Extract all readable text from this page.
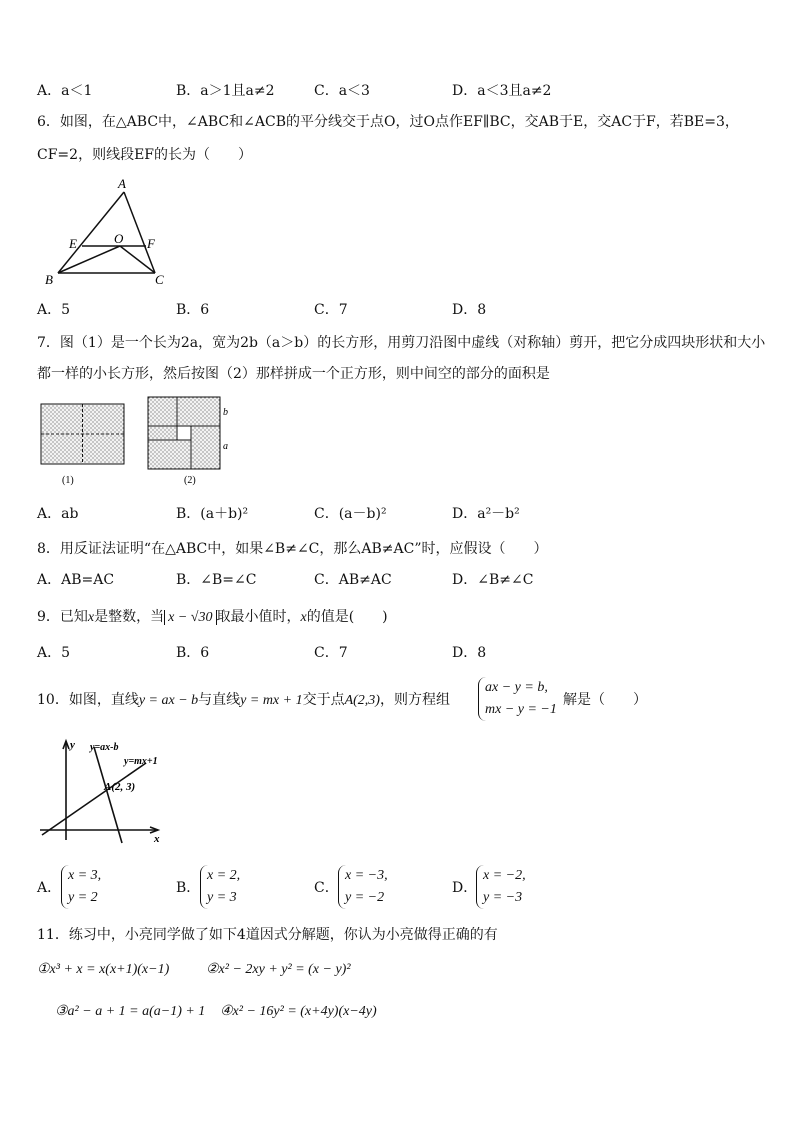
A．a＜1	B．a＞1且a≠2	C．a＜3	D．a＜3且a≠2
6．如图，在△ABC中，∠ABC和∠ACB的平分线交于点O，过O点作EF∥BC，交AB于E，交AC于F，若BE=3，
CF=2，则线段EF的长为（　　）
A
E	O F
B	C
A．5	B．6	C．7	D．8
7．图（1）是一个长为2a，宽为2b（a＞b）的长方形，用剪刀沿图中虚线（对称轴）剪开，把它分成四块形状和大小
都一样的小长方形，然后按图（2）那样拼成一个正方形，则中间空的部分的面积是
(1)
b
a
(2)
A．ab	B．(a＋b)²	C．(a－b)²	D．a²－b²
8．用反证法证明“在△ABC中，如果∠B≠∠C，那么AB≠AC”时，应假设（　　）
A．AB=AC	B．∠B=∠C	C．AB≠AC	D．∠B≠∠C
9．已知x是整数，当 x − √30 取最小值时，x的值是(　　)
A．5	B．6	C．7	D．8
10．如图，直线y = ax − b与直线y = mx + 1交于点A(2,3)，则方程组
ax − y = b,
mx − y = −1
解是（　　）
y
x
y=ax-b
y=mx+1
A(2, 3)
A．
x = 3,
y = 2
B．
x = 2,
y = 3
C．
x = −3,
y = −2
D．
x = −2,
y = −3
11．练习中，小亮同学做了如下4道因式分解题，你认为小亮做得正确的有
①x³ + x = x(x+1)(x−1)	②x² − 2xy + y² = (x − y)²
③a² − a + 1 = a(a−1) + 1 ④x² − 16y² = (x+4y)(x−4y)
